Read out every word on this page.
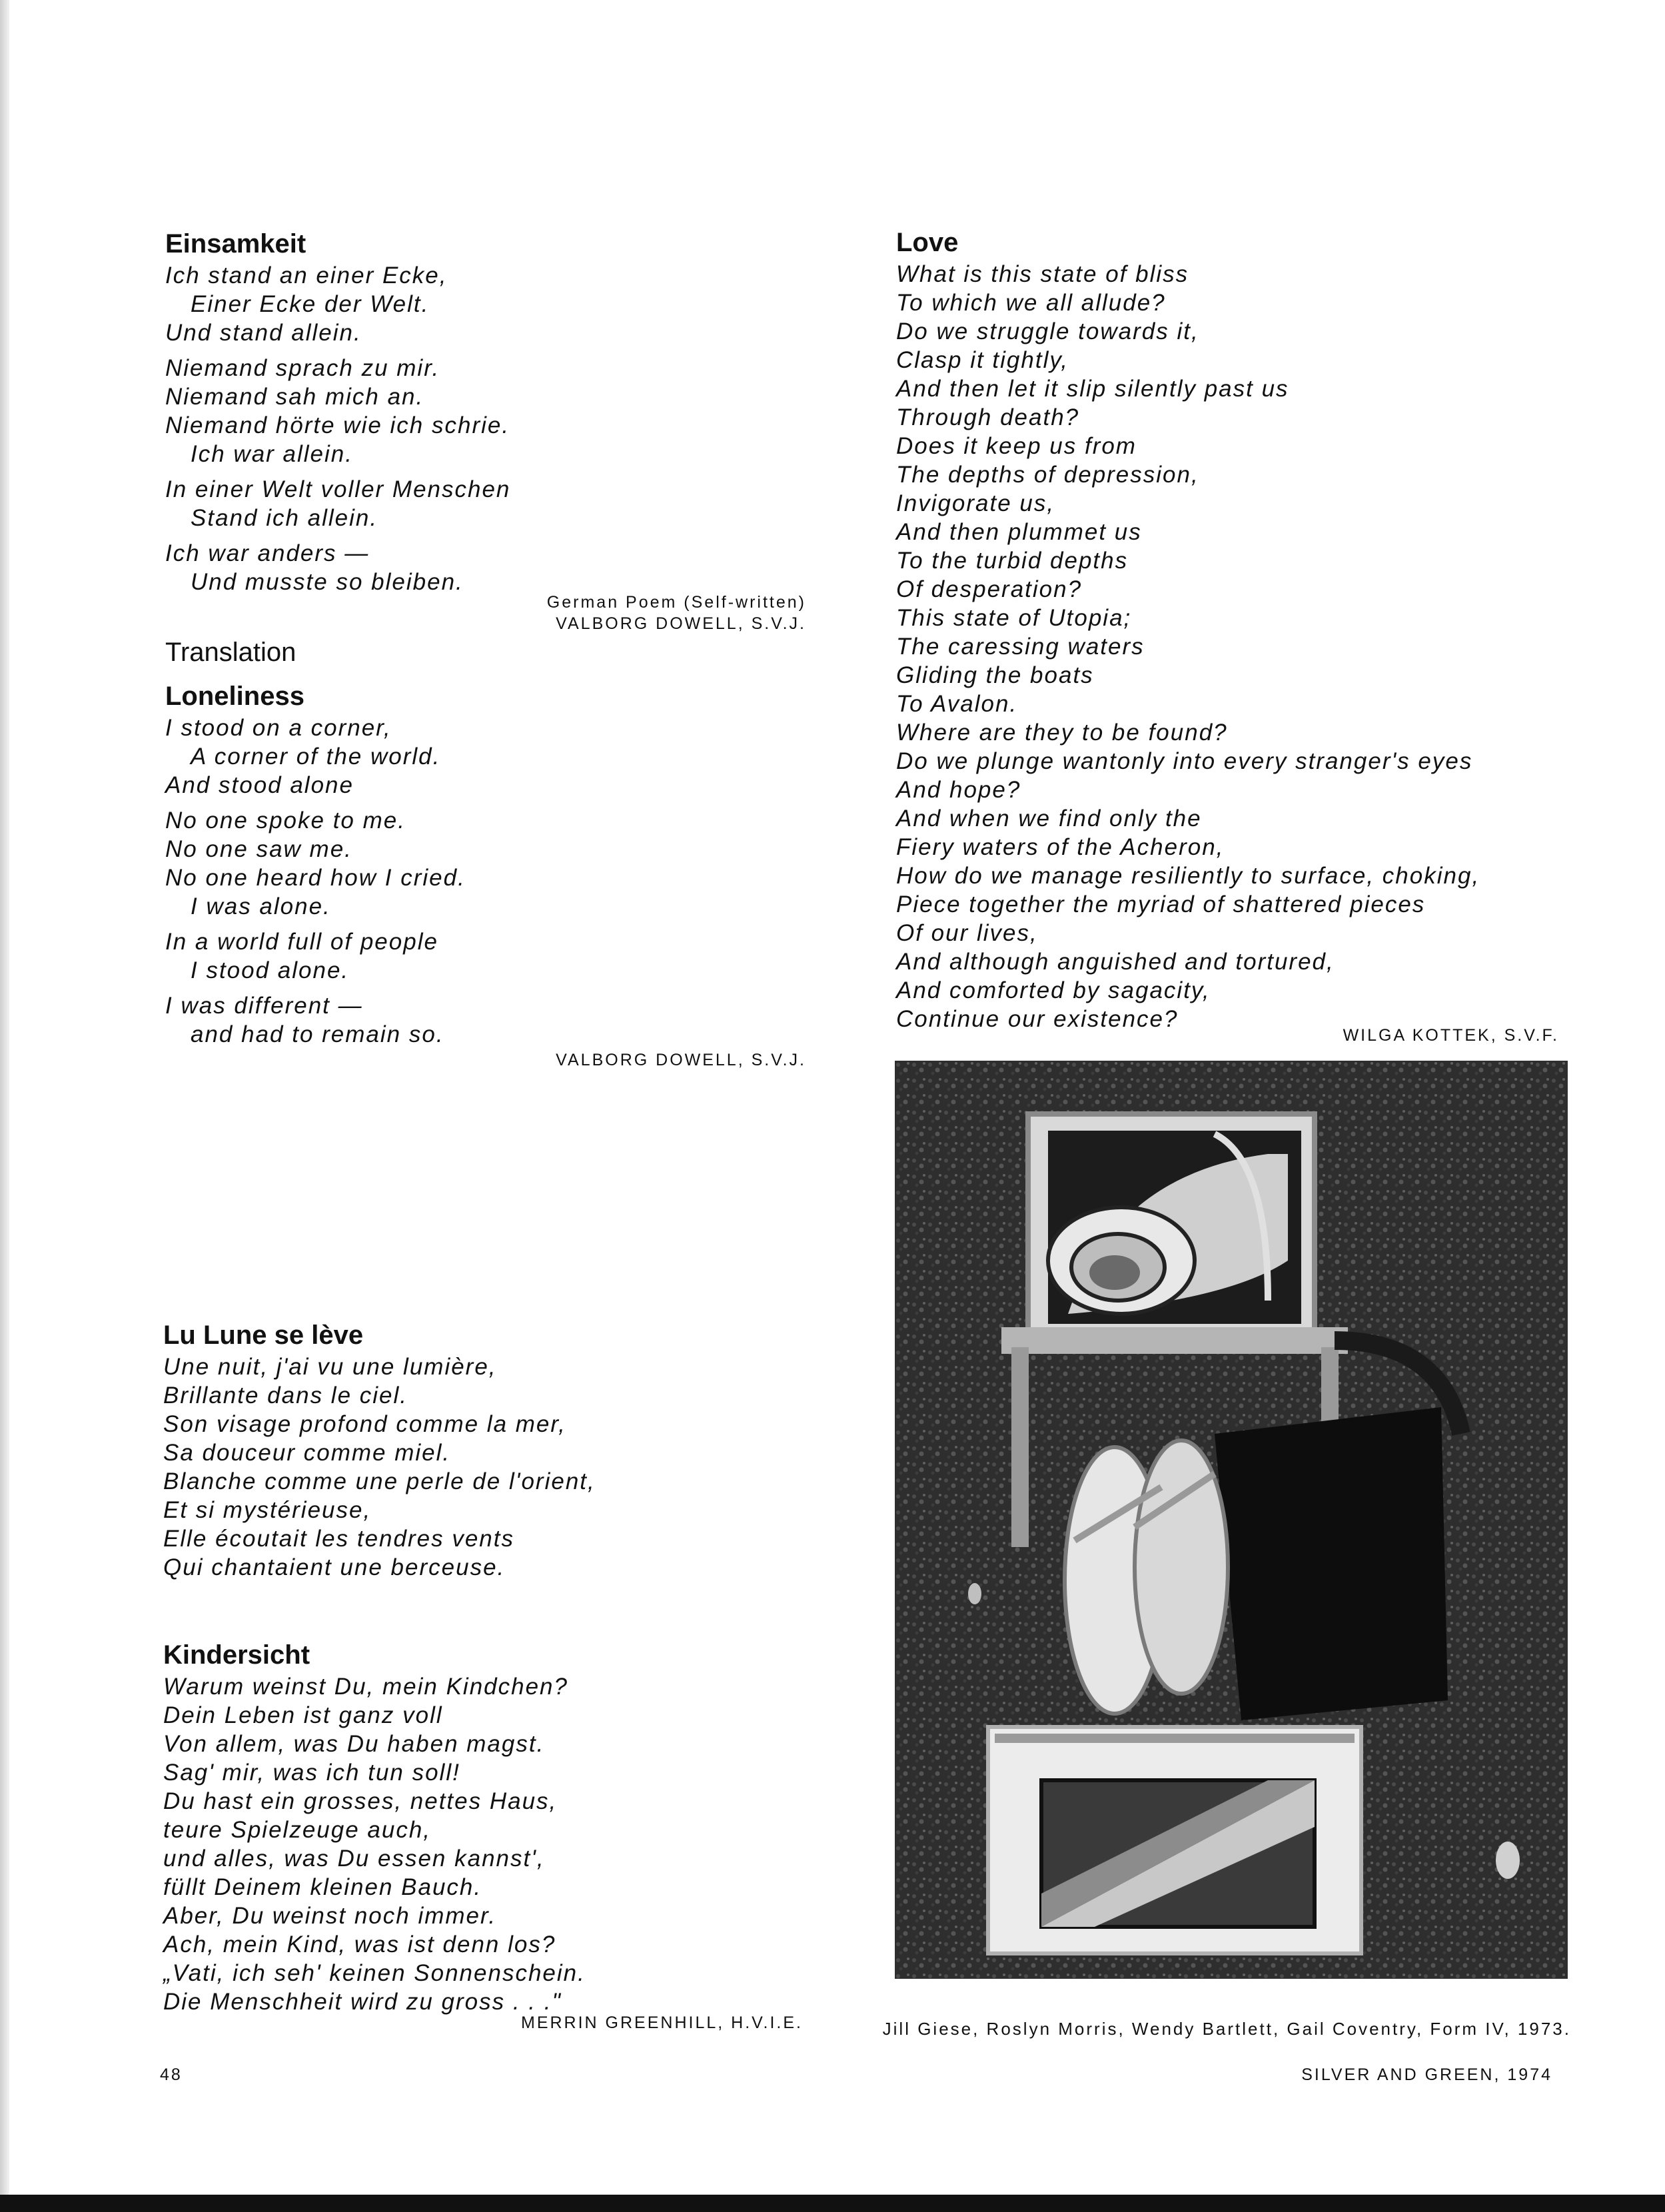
Einsamkeit
Ich stand an einer Ecke,
Einer Ecke der Welt.
Und stand allein.
Niemand sprach zu mir.
Niemand sah mich an.
Niemand hörte wie ich schrie.
Ich war allein.
In einer Welt voller Menschen
Stand ich allein.
Ich war anders —
Und musste so bleiben.
German Poem (Self-written)
VALBORG DOWELL, S.V.J.
Translation
Loneliness
I stood on a corner,
A corner of the world.
And stood alone
No one spoke to me.
No one saw me.
No one heard how I cried.
I was alone.
In a world full of people
I stood alone.
I was different —
and had to remain so.
VALBORG DOWELL, S.V.J.
Love
What is this state of bliss
To which we all allude?
Do we struggle towards it,
Clasp it tightly,
And then let it slip silently past us
Through death?
Does it keep us from
The depths of depression,
Invigorate us,
And then plummet us
To the turbid depths
Of desperation?
This state of Utopia;
The caressing waters
Gliding the boats
To Avalon.
Where are they to be found?
Do we plunge wantonly into every stranger's eyes
And hope?
And when we find only the
Fiery waters of the Acheron,
How do we manage resiliently to surface, choking,
Piece together the myriad of shattered pieces
Of our lives,
And although anguished and tortured,
And comforted by sagacity,
Continue our existence?
WILGA KOTTEK, S.V.F.
Jill Giese, Roslyn Morris, Wendy Bartlett, Gail Coventry, Form IV, 1973.
Lu Lune se lève
Une nuit, j'ai vu une lumière,
Brillante dans le ciel.
Son visage profond comme la mer,
Sa douceur comme miel.
Blanche comme une perle de l'orient,
Et si mystérieuse,
Elle écoutait les tendres vents
Qui chantaient une berceuse.
Kindersicht
Warum weinst Du, mein Kindchen?
Dein Leben ist ganz voll
Von allem, was Du haben magst.
Sag' mir, was ich tun soll!
Du hast ein grosses, nettes Haus,
teure Spielzeuge auch,
und alles, was Du essen kannst',
füllt Deinem kleinen Bauch.
Aber, Du weinst noch immer.
Ach, mein Kind, was ist denn los?
„Vati, ich seh' keinen Sonnenschein.
Die Menschheit wird zu gross . . ."
MERRIN GREENHILL, H.V.I.E.
48	SILVER AND GREEN, 1974
